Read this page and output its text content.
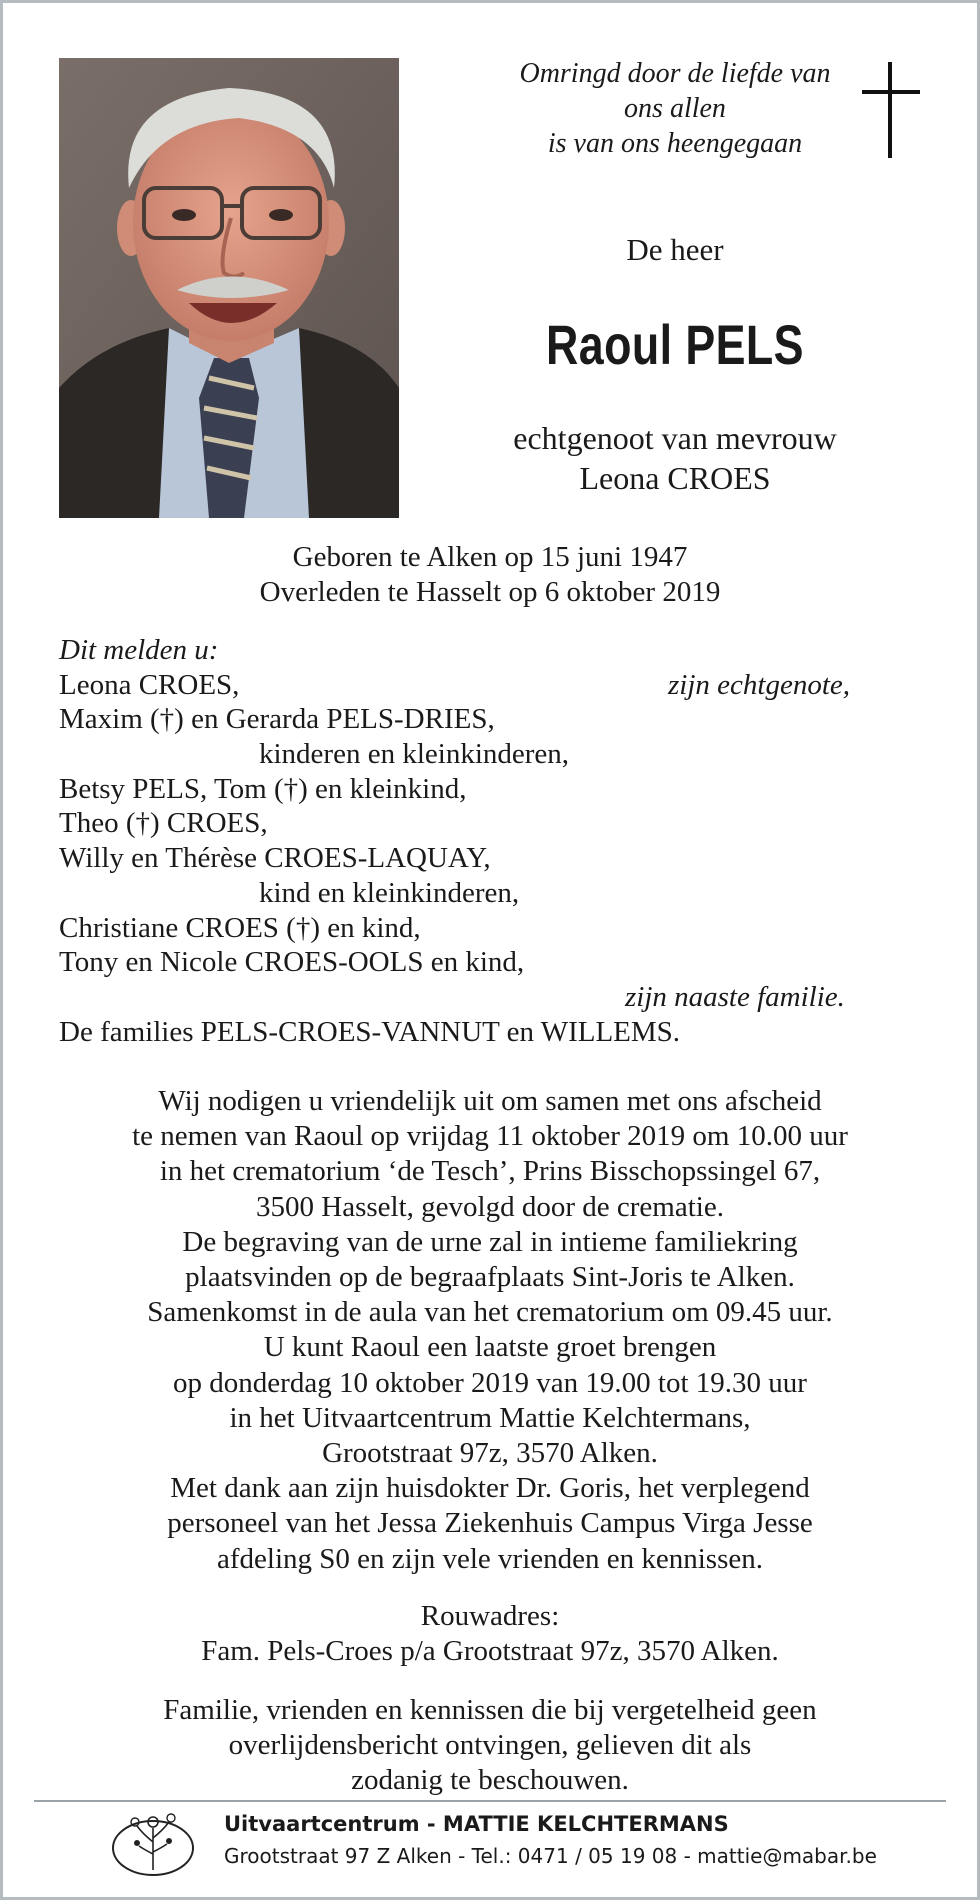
Omringd door de liefde van
ons allen
is van ons heengegaan
De heer
Raoul PELS
echtgenoot van mevrouw
Leona CROES
Geboren te Alken op 15 juni 1947
Overleden te Hasselt op 6 oktober 2019
Dit melden u:
Leona CROES,	zijn echtgenote,
Maxim (†) en Gerarda PELS-DRIES,
kinderen en kleinkinderen,
Betsy PELS, Tom (†) en kleinkind,
Theo (†) CROES,
Willy en Thérèse CROES-LAQUAY,
kind en kleinkinderen,
Christiane CROES (†) en kind,
Tony en Nicole CROES-OOLS en kind,
zijn naaste familie.
De families PELS-CROES-VANNUT en WILLEMS.
Wij nodigen u vriendelijk uit om samen met ons afscheid
te nemen van Raoul op vrijdag 11 oktober 2019 om 10.00 uur
in het crematorium ‘de Tesch’, Prins Bisschopssingel 67,
3500 Hasselt, gevolgd door de crematie.
De begraving van de urne zal in intieme familiekring
plaatsvinden op de begraafplaats Sint-Joris te Alken.
Samenkomst in de aula van het crematorium om 09.45 uur.
U kunt Raoul een laatste groet brengen
op donderdag 10 oktober 2019 van 19.00 tot 19.30 uur
in het Uitvaartcentrum Mattie Kelchtermans,
Grootstraat 97z, 3570 Alken.
Met dank aan zijn huisdokter Dr. Goris, het verplegend
personeel van het Jessa Ziekenhuis Campus Virga Jesse
afdeling S0 en zijn vele vrienden en kennissen.
Rouwadres:
Fam. Pels-Croes p/a Grootstraat 97z, 3570 Alken.
Familie, vrienden en kennissen die bij vergetelheid geen
overlijdensbericht ontvingen, gelieven dit als
zodanig te beschouwen.
Uitvaartcentrum - MATTIE KELCHTERMANS
Grootstraat 97 Z Alken - Tel.: 0471 / 05 19 08 - mattie@mabar.be
